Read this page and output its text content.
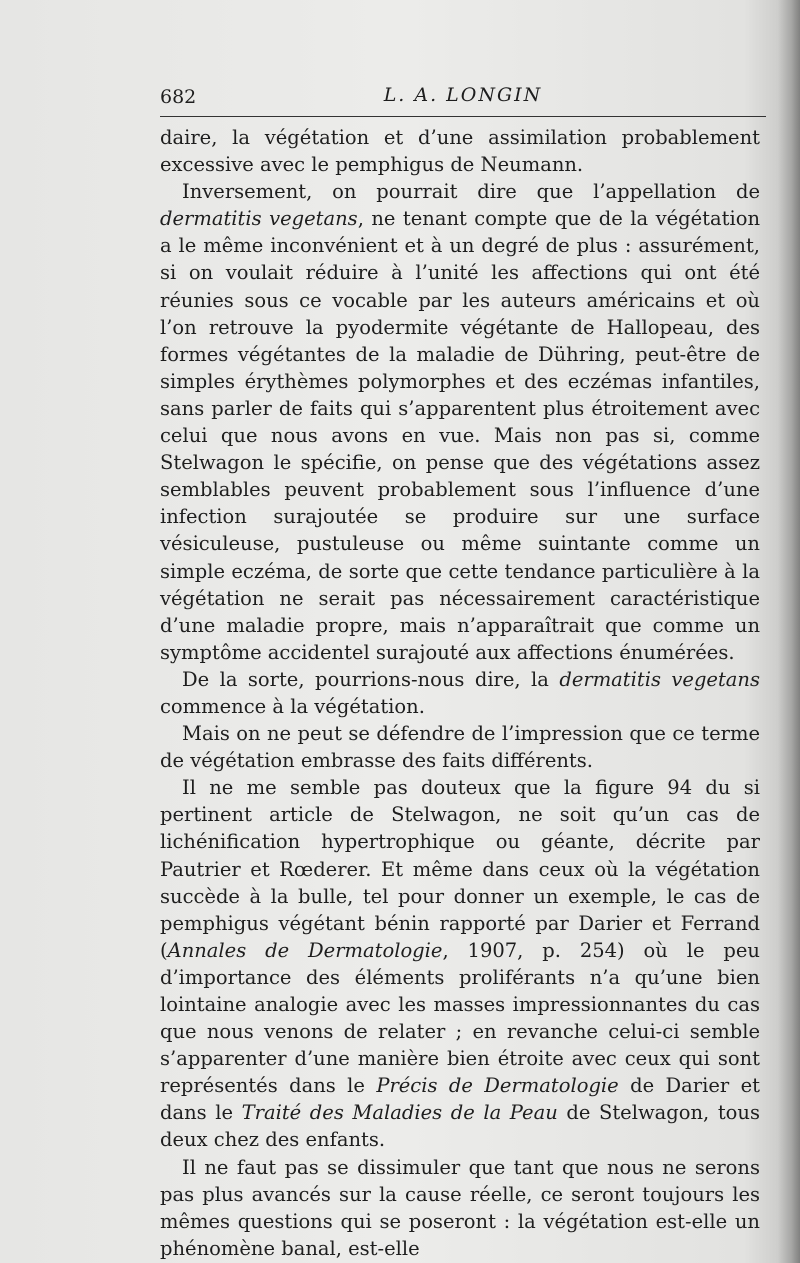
682	L. A. LONGIN

daire, la végétation et d’une assimilation probablement excessive avec le pemphigus de Neumann.

Inversement, on pourrait dire que l’appellation de dermatitis vegetans, ne tenant compte que de la végétation a le même inconvénient et à un degré de plus : assurément, si on voulait réduire à l’unité les affections qui ont été réunies sous ce vocable par les auteurs américains et où l’on retrouve la pyodermite végétante de Hallopeau, des formes végétantes de la maladie de Dühring, peut-être de simples érythèmes polymorphes et des eczémas infantiles, sans parler de faits qui s’apparentent plus étroitement avec celui que nous avons en vue. Mais non pas si, comme Stelwagon le spécifie, on pense que des végétations assez semblables peuvent probablement sous l’influence d’une infection surajoutée se produire sur une surface vésiculeuse, pustuleuse ou même suintante comme un simple eczéma, de sorte que cette tendance particulière à la végétation ne serait pas nécessairement caractéristique d’une maladie propre, mais n’apparaîtrait que comme un symptôme accidentel surajouté aux affections énumérées.

De la sorte, pourrions-nous dire, la dermatitis vegetans commence à la végétation.

Mais on ne peut se défendre de l’impression que ce terme de végétation embrasse des faits différents.

Il ne me semble pas douteux que la figure 94 du si pertinent article de Stelwagon, ne soit qu’un cas de lichénification hypertrophique ou géante, décrite par Pautrier et Rœderer. Et même dans ceux où la végétation succède à la bulle, tel pour donner un exemple, le cas de pemphigus végétant bénin rapporté par Darier et Ferrand (Annales de Dermatologie, 1907, p. 254) où le peu d’importance des éléments proliférants n’a qu’une bien lointaine analogie avec les masses impressionnantes du cas que nous venons de relater ; en revanche celui-ci semble s’apparenter d’une manière bien étroite avec ceux qui sont représentés dans le Précis de Dermatologie de Darier et dans le Traité des Maladies de la Peau de Stelwagon, tous deux chez des enfants.

Il ne faut pas se dissimuler que tant que nous ne serons pas plus avancés sur la cause réelle, ce seront toujours les mêmes questions qui se poseront : la végétation est-elle un phénomène banal, est-elle
